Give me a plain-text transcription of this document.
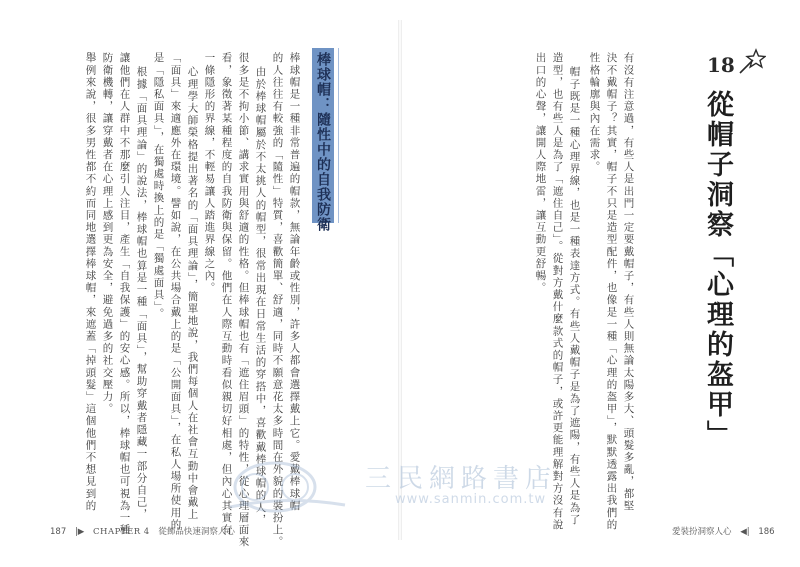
18
從帽子洞察「心理的盔甲」
有沒有注意過，有些人是出門一定要戴帽子，有些人則無論太陽多大、頭髮多亂，都堅
決不戴帽子？其實，帽子不只是造型配件，也像是一種「心理的盔甲」，默默透露出我們的
性格輪廓與內在需求。
帽子既是一種心理界線，也是一種表達方式。有些人戴帽子是為了遮陽，有些人是為了
造型，也有些人是為了「遮住自己」。從對方戴什麼款式的帽子，或許更能理解對方沒有說
出口的心聲，讓開人際地雷，讓互動更舒暢。
愛裝扮洞察人心 ◀| 186
棒球帽：隨性中的自我防衛
棒球帽是一種非常普遍的帽款，無論年齡或性別，許多人都會選擇戴上它。愛戴棒球帽
的人往往有較強的「隨性」特質，喜歡簡單、舒適，同時不願意花太多時間在外貌的裝扮上。
由於棒球帽屬於不太挑人的帽型，很常出現在日常生活的穿搭中，喜歡戴棒球帽的人，
很多是不拘小節、講求實用與舒適的性格。但棒球帽也有「遮住眉頭」的特性，從心理層面來
看，象徵著某種程度的自我防衛與保留。他們在人際互動時看似親切好相處，但內心其實有
一條隱形的界線，不輕易讓人踏進界線之內。
心理學大師榮格提出著名的「面具理論」，簡單地說，我們每個人在社會互動中會戴上
「面具」來適應外在環境。譬如說，在公共場合戴上的是「公開面具」，在私人場所使用的
是「隱私面具」，在獨處時換上的是「獨處面具」。
根據「面具理論」的說法，棒球帽也算是一種「面具」，幫助穿戴者隱藏一部分自己，
讓他們在人群中不那麼引人注目，產生「自我保護」的安心感。所以，棒球帽也可視為一種
防衛機轉，讓穿戴者在心理上感到更為安全，避免過多的社交壓力。
舉例來說，很多男性都不約而同地選擇棒球帽，來遮蓋「掉頭髮」這個他們不想見到的
187 |▶ CHAPTER 4 從飾品快速洞察人心
三民網路書店
www.sanmin.com.tw
